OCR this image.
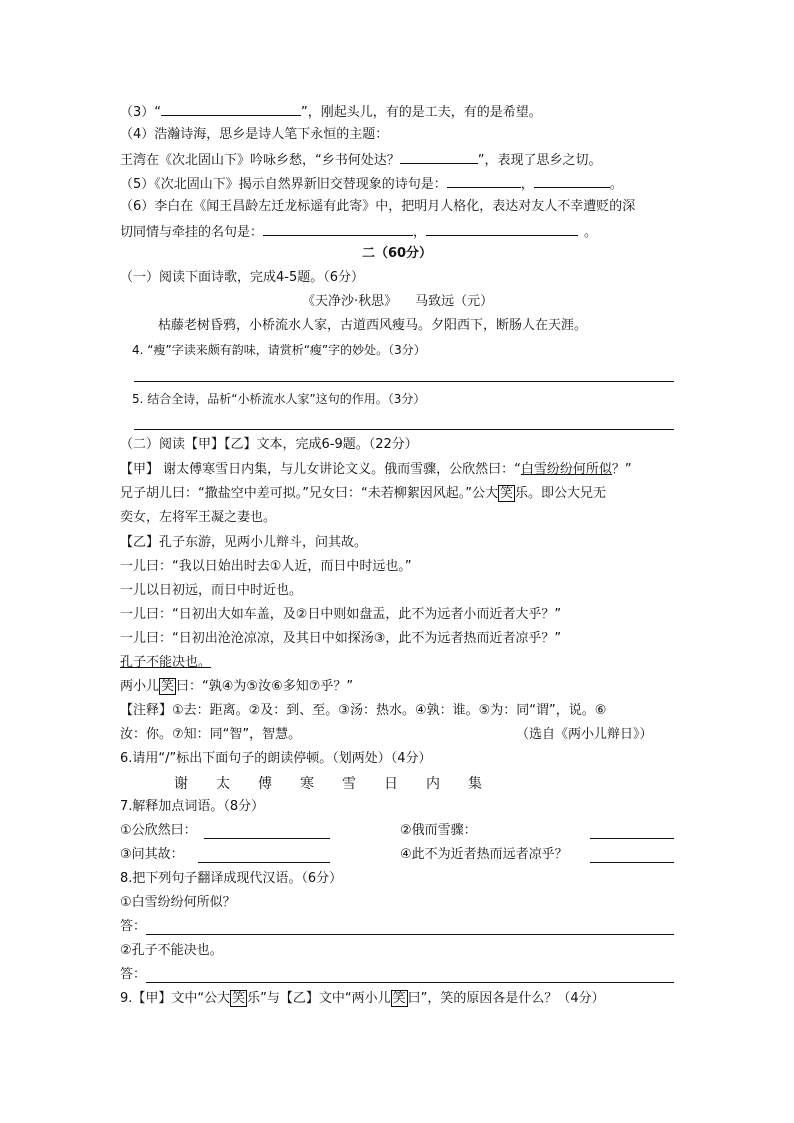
（3）“	”，刚起头儿，有的是工夫，有的是希望。
（4）浩瀚诗海，思乡是诗人笔下永恒的主题：
王湾在《次北固山下》吟咏乡愁，“乡书何处达？	”，表现了思乡之切。
（5）《次北固山下》揭示自然界新旧交替现象的诗句是：	，	。
（6）李白在《闻王昌龄左迁龙标遥有此寄》中，把明月人格化，表达对友人不幸遭贬的深
切同情与牵挂的名句是：	，	。
二（60分）
（一）阅读下面诗歌，完成4-5题。（6分）
《天净沙·秋思》 马致远（元）
枯藤老树昏鸦，小桥流水人家，古道西风瘦马。夕阳西下，断肠人在天涯。
4. “瘦”字读来颇有韵味，请赏析“瘦”字的妙处。（3分）
5. 结合全诗，品析“小桥流水人家”这句的作用。（3分）
（二）阅读【甲】【乙】文本，完成6-9题。（22分）
【甲】 谢太傅寒雪日内集，与儿女讲论文义。俄而雪骤，公欣然曰：“白雪纷纷何所似？”
兄子胡儿曰：“撒盐空中差可拟。”兄女曰：“未若柳絮因风起。”公大 笑 乐。即公大兄无
奕女，左将军王凝之妻也。
【乙】孔子东游，见两小儿辩斗，问其故。
一儿曰：“我以日始出时去①人近，而日中时远也。”
一儿以日初远，而日中时近也。
一儿曰：“日初出大如车盖，及②日中则如盘盂，此不为远者小而近者大乎？”
一儿曰：“日初出沧沧凉凉，及其日中如探汤③，此不为远者热而近者凉乎？”
孔子不能决也。
两小儿 笑 曰：“孰④为⑤汝⑥多知⑦乎？”
【注释】①去：距离。②及：到、至。③汤：热水。④孰：谁。⑤为：同“谓”，说。⑥
汝：你。⑦知：同“智”，智慧。	（选自《两小儿辩日》）
6.请用“/”标出下面句子的朗读停顿。（划两处）（4分）
谢 太 傅 寒 雪 日 内 集
7.解释加点词语。（8分）
①公欣然曰：	②俄而雪骤：
③问其故：	④此不为近者热而远者凉乎？
8.把下列句子翻译成现代汉语。（6分）
①白雪纷纷何所似？
答：
②孔子不能决也。
答：
9.【甲】文中“公大 笑 乐”与【乙】文中“两小儿 笑 曰”，笑的原因各是什么？（4分）
